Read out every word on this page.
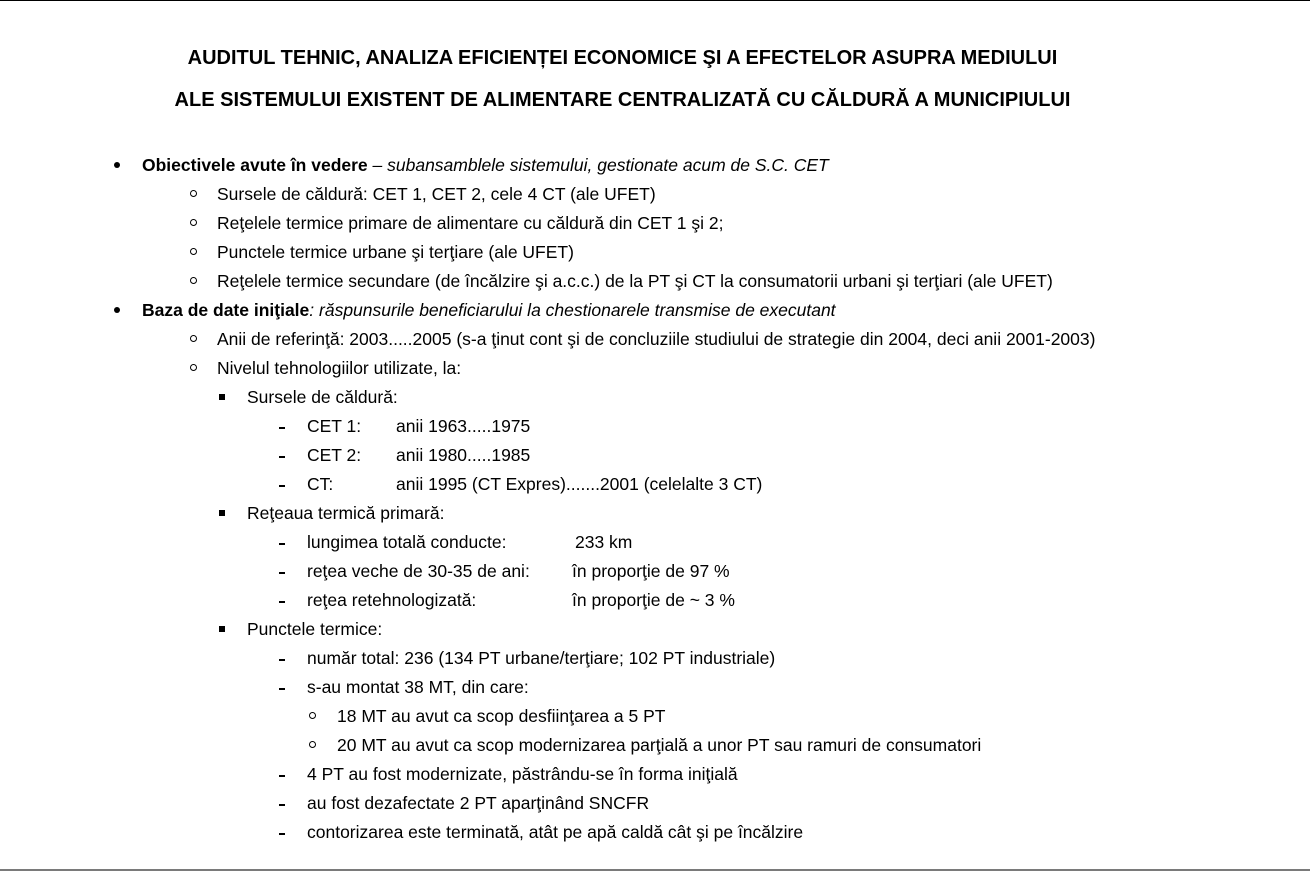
AUDITUL TEHNIC, ANALIZA EFICIENȚEI ECONOMICE ŞI A EFECTELOR ASUPRA MEDIULUI
ALE SISTEMULUI EXISTENT DE ALIMENTARE CENTRALIZATĂ CU CĂLDURĂ A MUNICIPIULUI
Obiectivele avute în vedere – subansamblele sistemului, gestionate acum de S.C. CET
Sursele de căldură: CET 1, CET 2, cele 4 CT (ale UFET)
Reţelele termice primare de alimentare cu căldură din CET 1 şi 2;
Punctele termice urbane şi terţiare (ale UFET)
Reţelele termice secundare (de încălzire şi a.c.c.) de la PT şi CT la consumatorii urbani şi terţiari (ale UFET)
Baza de date iniţiale: răspunsurile beneficiarului la chestionarele transmise de executant
Anii de referinţă: 2003.....2005 (s-a ţinut cont şi de concluziile studiului de strategie din 2004, deci anii 2001-2003)
Nivelul tehnologiilor utilizate, la:
Sursele de căldură:
CET 1: anii 1963.....1975
CET 2: anii 1980.....1985
CT:	anii 1995 (CT Expres).......2001 (celelalte 3 CT)
Reţeaua termică primară:
lungimea totală conducte:	233 km
reţea veche de 30-35 de ani: în proporţie de 97 %
reţea retehnologizată:	în proporţie de ~ 3 %
Punctele termice:
număr total: 236 (134 PT urbane/terţiare; 102 PT industriale)
s-au montat 38 MT, din care:
18 MT au avut ca scop desfiinţarea a 5 PT
20 MT au avut ca scop modernizarea parţială a unor PT sau ramuri de consumatori
4 PT au fost modernizate, păstrându-se în forma iniţială
au fost dezafectate 2 PT aparţinând SNCFR
contorizarea este terminată, atât pe apă caldă cât şi pe încălzire
